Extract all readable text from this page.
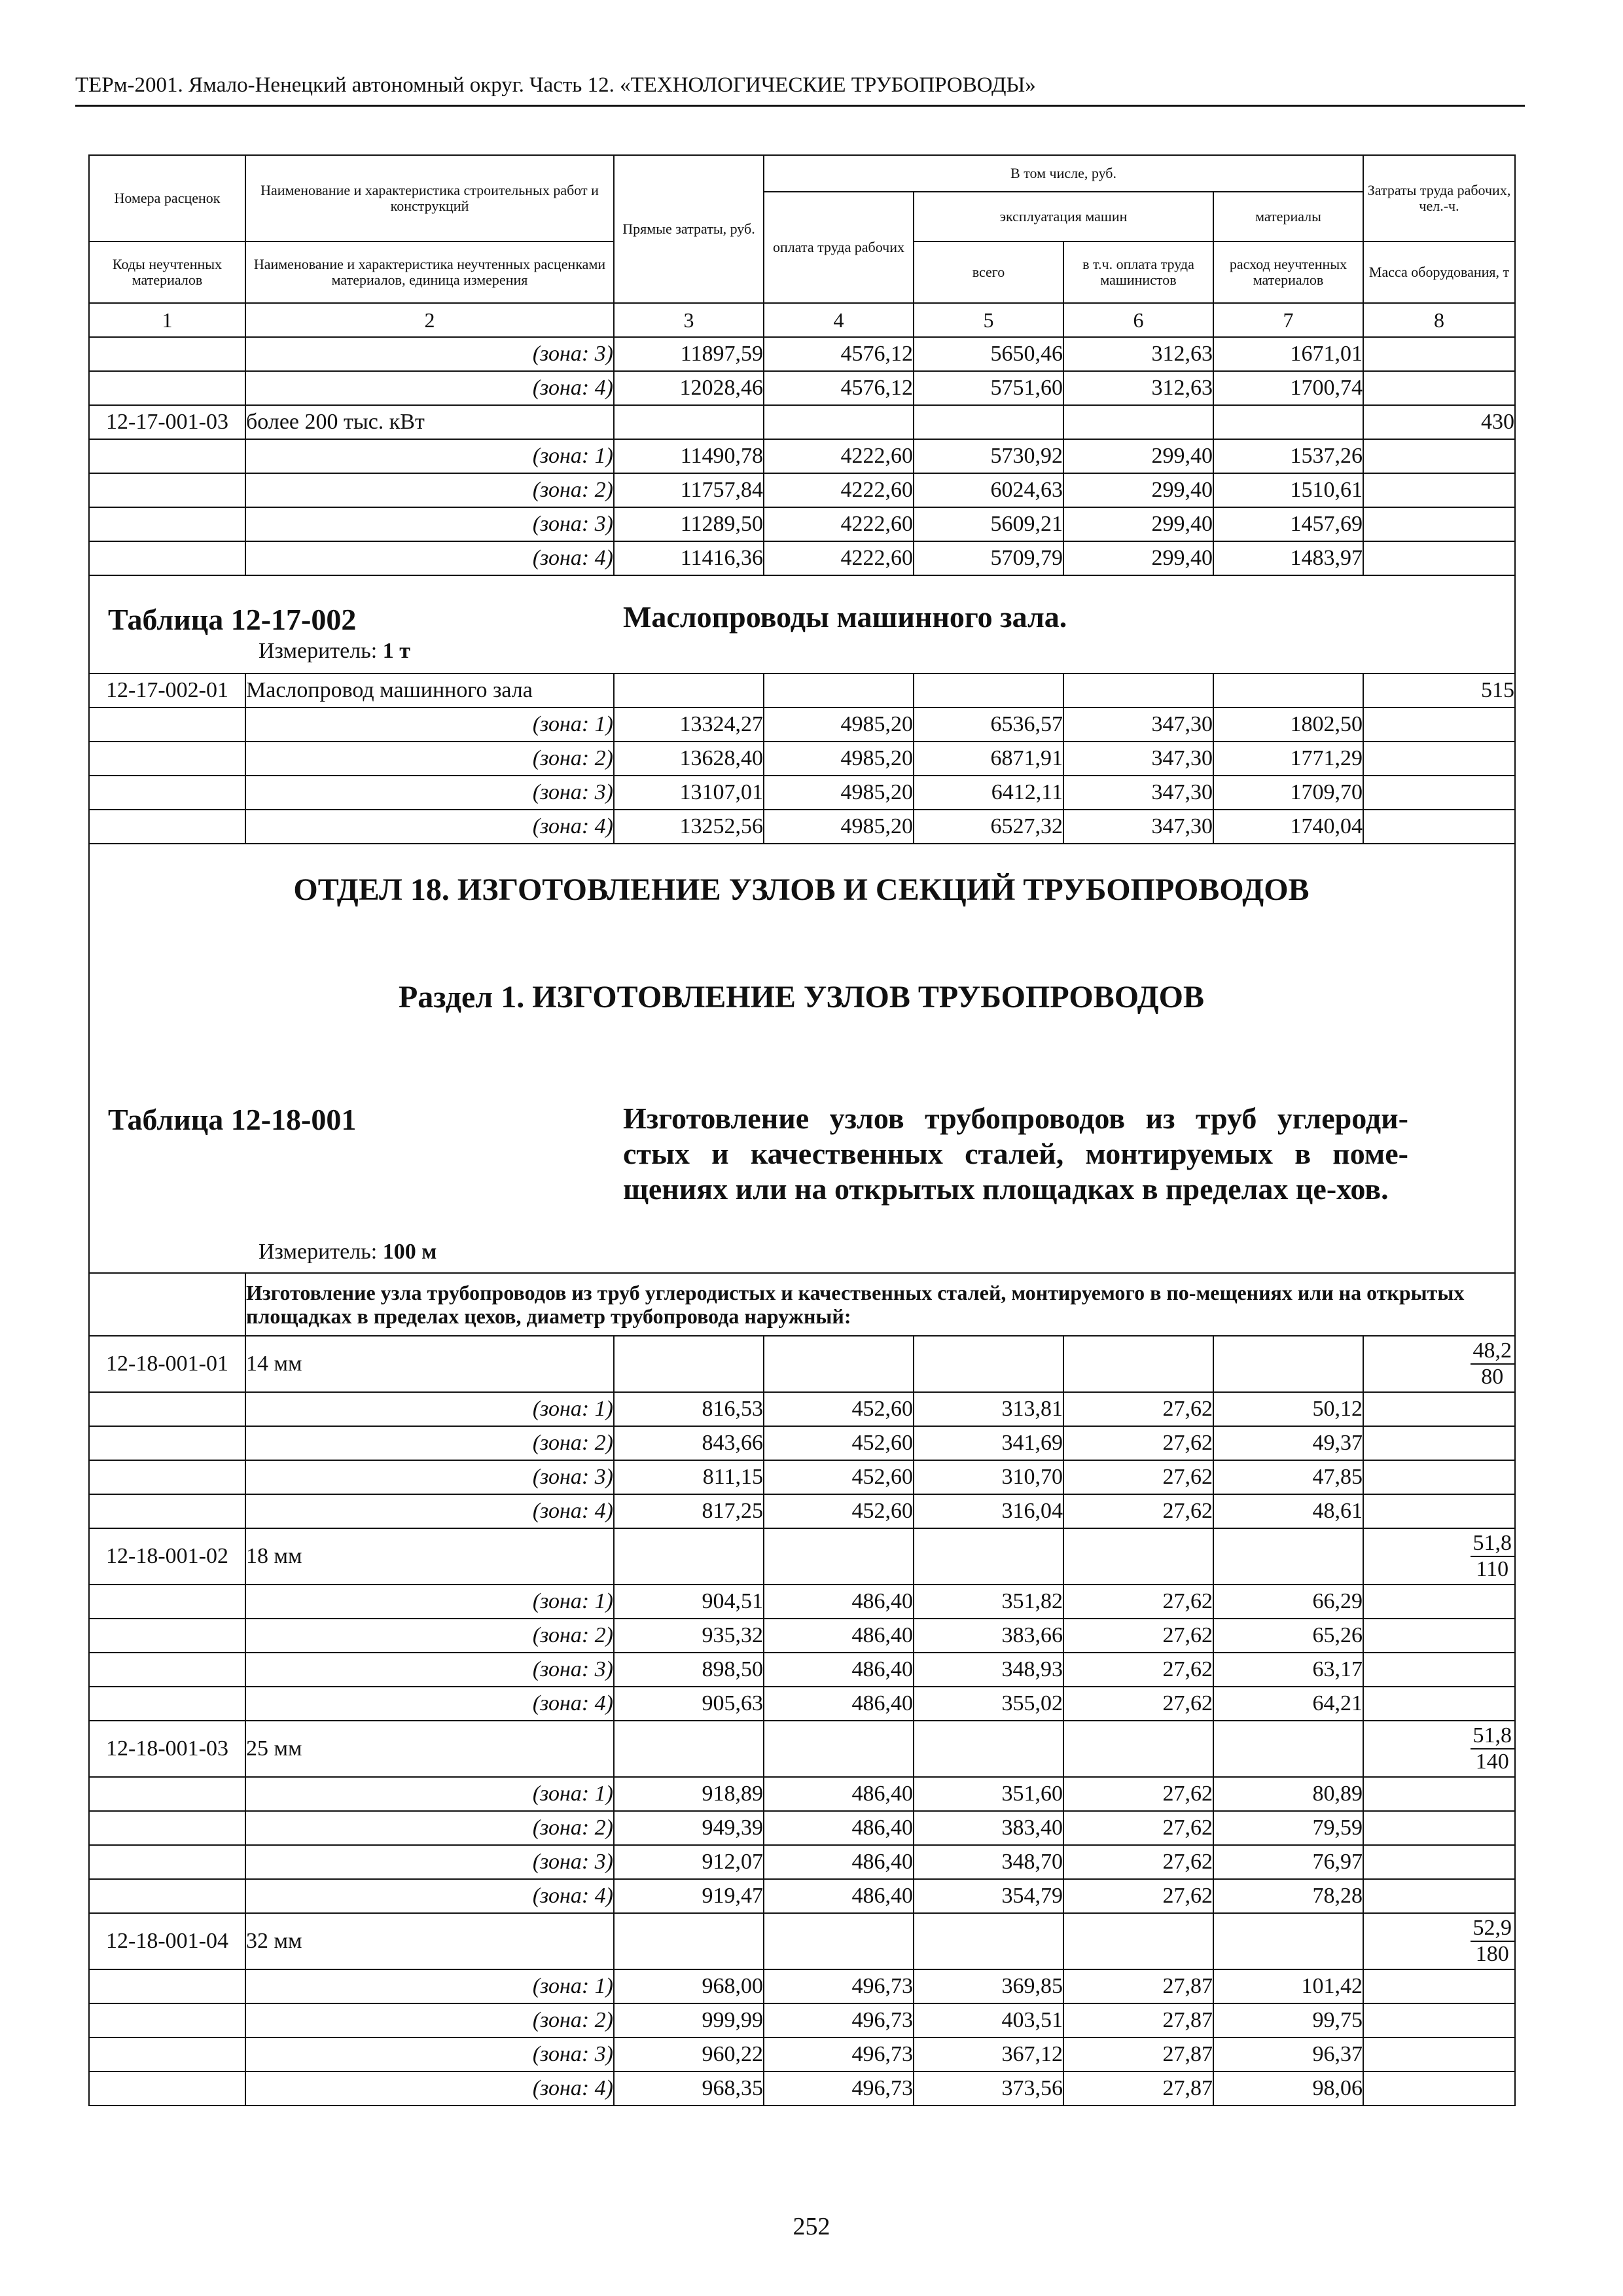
ТЕРм-2001. Ямало-Ненецкий автономный округ. Часть 12. «ТЕХНОЛОГИЧЕСКИЕ ТРУБОПРОВОДЫ»
Номера расценок	Наименование и характеристика строительных работ и конструкций	Прямые затраты, руб.	В том числе, руб.				Затраты труда рабочих, чел.-ч.
			оплата труда рабочих	эксплуатация машин		материалы	
Коды неучтенных материалов	Наименование и характеристика неучтенных расценками материалов, единица измерения			всего	в т.ч. оплата труда машинистов	расход неучтенных материалов	Масса оборудования, т
1	2	3	4	5	6	7	8
	(зона: 3)	11897,59	4576,12	5650,46	312,63	1671,01	
	(зона: 4)	12028,46	4576,12	5751,60	312,63	1700,74	
12-17-001-03	более 200 тыс. кВт						430
	(зона: 1)	11490,78	4222,60	5730,92	299,40	1537,26	
	(зона: 2)	11757,84	4222,60	6024,63	299,40	1510,61	
	(зона: 3)	11289,50	4222,60	5609,21	299,40	1457,69	
	(зона: 4)	11416,36	4222,60	5709,79	299,40	1483,97	

Таблица 12-17-002 Маслопроводы машинного зала.
Измеритель: 1 т							

12-17-002-01	Маслопровод машинного зала						515
	(зона: 1)	13324,27	4985,20	6536,57	347,30	1802,50	
	(зона: 2)	13628,40	4985,20	6871,91	347,30	1771,29	
	(зона: 3)	13107,01	4985,20	6412,11	347,30	1709,70	
	(зона: 4)	13252,56	4985,20	6527,32	347,30	1740,04	

ОТДЕЛ 18. ИЗГОТОВЛЕНИЕ УЗЛОВ И СЕКЦИЙ ТРУБОПРОВОДОВ
Раздел 1. ИЗГОТОВЛЕНИЕ УЗЛОВ ТРУБОПРОВОДОВ
Таблица 12-18-001 Изготовление узлов трубопроводов из труб углероди-стых и качественных сталей, монтируемых в поме-щениях или на открытых площадках в пределах це-хов.
Измеритель: 100 м							

	Изготовление узла трубопроводов из труб углеродистых и качественных сталей, монтируемого в по-мещениях или на открытых площадках в пределах цехов, диаметр трубопровода наружный:						
12-18-001-01	14 мм						$\frac{48,2}{80}$

	(зона: 1)	816,53	452,60	313,81	27,62	50,12	
	(зона: 2)	843,66	452,60	341,69	27,62	49,37	
	(зона: 3)	811,15	452,60	310,70	27,62	47,85	
	(зона: 4)	817,25	452,60	316,04	27,62	48,61	
12-18-001-02	18 мм						$\frac{51,8}{110}$

	(зона: 1)	904,51	486,40	351,82	27,62	66,29	
	(зона: 2)	935,32	486,40	383,66	27,62	65,26	
	(зона: 3)	898,50	486,40	348,93	27,62	63,17	
	(зона: 4)	905,63	486,40	355,02	27,62	64,21	
12-18-001-03	25 мм						$\frac{51,8}{140}$

	(зона: 1)	918,89	486,40	351,60	27,62	80,89	
	(зона: 2)	949,39	486,40	383,40	27,62	79,59	
	(зона: 3)	912,07	486,40	348,70	27,62	76,97	
	(зона: 4)	919,47	486,40	354,79	27,62	78,28	
12-18-001-04	32 мм						$\frac{52,9}{180}$

	(зона: 1)	968,00	496,73	369,85	27,87	101,42	
	(зона: 2)	999,99	496,73	403,51	27,87	99,75	
	(зона: 3)	960,22	496,73	367,12	27,87	96,37	
	(зона: 4)	968,35	496,73	373,56	27,87	98,06	
252
